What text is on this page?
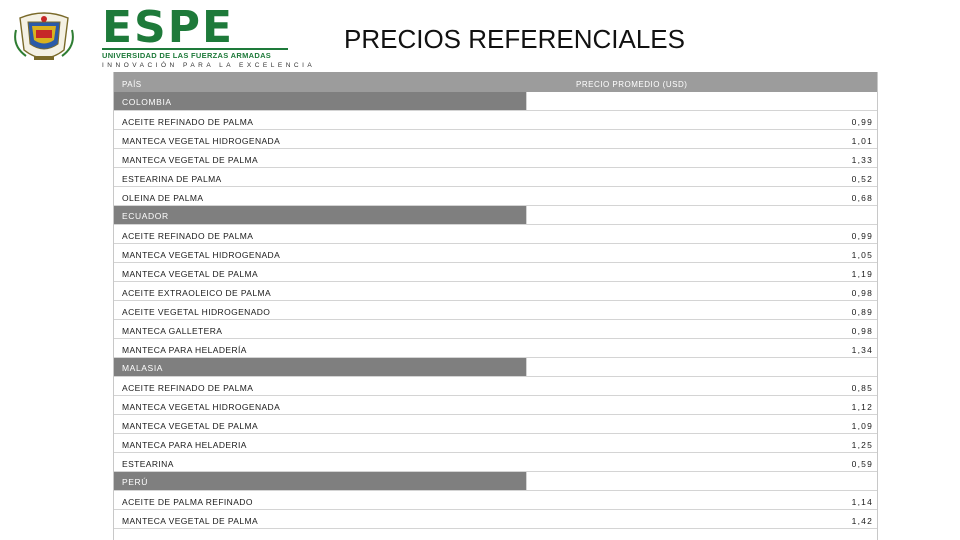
ESPE
UNIVERSIDAD DE LAS FUERZAS ARMADAS
INNOVACIÓN PARA LA EXCELENCIA
PRECIOS REFERENCIALES
PAÍS	PRECIO PROMEDIO (USD)
COLOMBIA
ACEITE REFINADO DE PALMA	0,99
MANTECA VEGETAL HIDROGENADA	1,01
MANTECA VEGETAL DE PALMA	1,33
ESTEARINA DE PALMA	0,52
OLEINA DE PALMA	0,68
ECUADOR
ACEITE REFINADO DE PALMA	0,99
MANTECA VEGETAL HIDROGENADA	1,05
MANTECA VEGETAL DE PALMA	1,19
ACEITE EXTRAOLEICO DE PALMA	0,98
ACEITE VEGETAL HIDROGENADO	0,89
MANTECA GALLETERA	0,98
MANTECA PARA HELADERÍA	1,34
MALASIA
ACEITE REFINADO DE PALMA	0,85
MANTECA VEGETAL HIDROGENADA	1,12
MANTECA VEGETAL DE PALMA	1,09
MANTECA PARA HELADERIA	1,25
ESTEARINA	0,59
PERÚ
ACEITE DE PALMA REFINADO	1,14
MANTECA VEGETAL DE PALMA	1,42
